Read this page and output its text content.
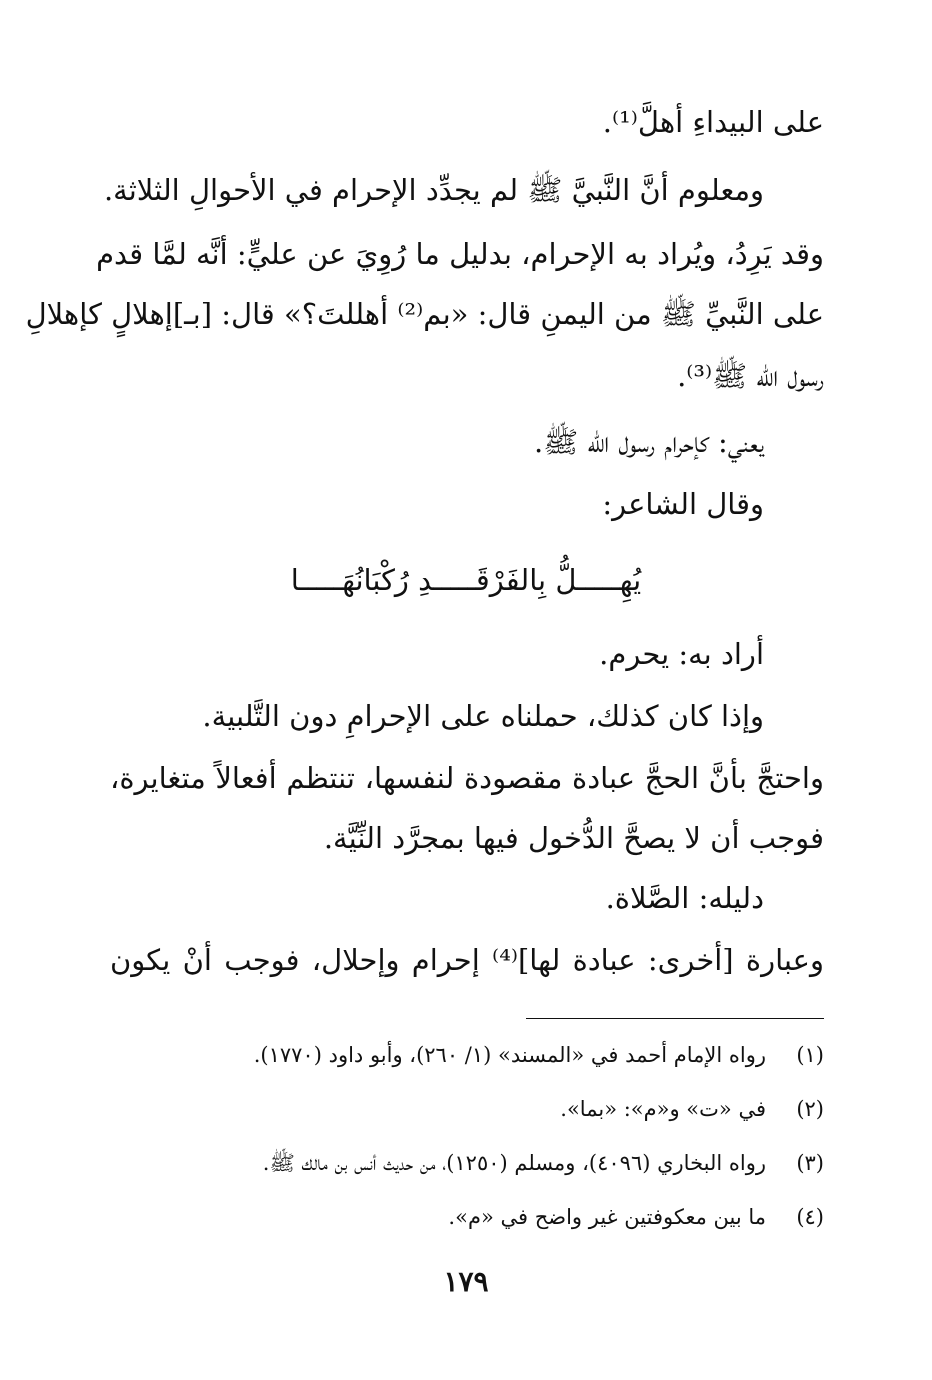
على البيداءِ أهلَّ⁽¹⁾.
ومعلوم أنَّ النَّبيَّ ﷺ لم يجدِّد الإحرام في الأحوالِ الثلاثة.
وقد يَرِدُ، ويُراد به الإحرام، بدليل ما رُوِيَ عن عليٍّ: أنَّه لمَّا قدم
على النَّبيِّ ﷺ من اليمنِ قال: «بم⁽²⁾ أهللتَ؟» قال: [بـ]إهلالٍ كإهلالِ
رسول الله ﷺ⁽³⁾.
يعني: كإحرام رسول الله ﷺ.
وقال الشاعر:
يُهِـــــلُّ بِالفَرْقَـــــدِ رُكْبَانُهَـــــا
أراد به: يحرم.
وإذا كان كذلك، حملناه على الإحرامِ دون التَّلبية.
واحتجَّ بأنَّ الحجَّ عبادة مقصودة لنفسها، تنتظم أفعالاً متغايرة،
فوجب أن لا يصحَّ الدُّخول فيها بمجرَّد النِّيَّة.
دليله: الصَّلاة.
وعبارة [أخرى: عبادة لها]⁽⁴⁾ إحرام وإحلال، فوجب أنْ يكون
(١)رواه الإمام أحمد في «المسند» (١/ ٢٦٠)، وأبو داود (١٧٧٠).
(٢)في «ت» و«م»: «بما».
(٣)رواه البخاري (٤٠٩٦)، ومسلم (١٢٥٠)، من حديث أنس بن مالك ﷺ.
(٤)ما بين معكوفتين غير واضح في «م».
١٧٩
